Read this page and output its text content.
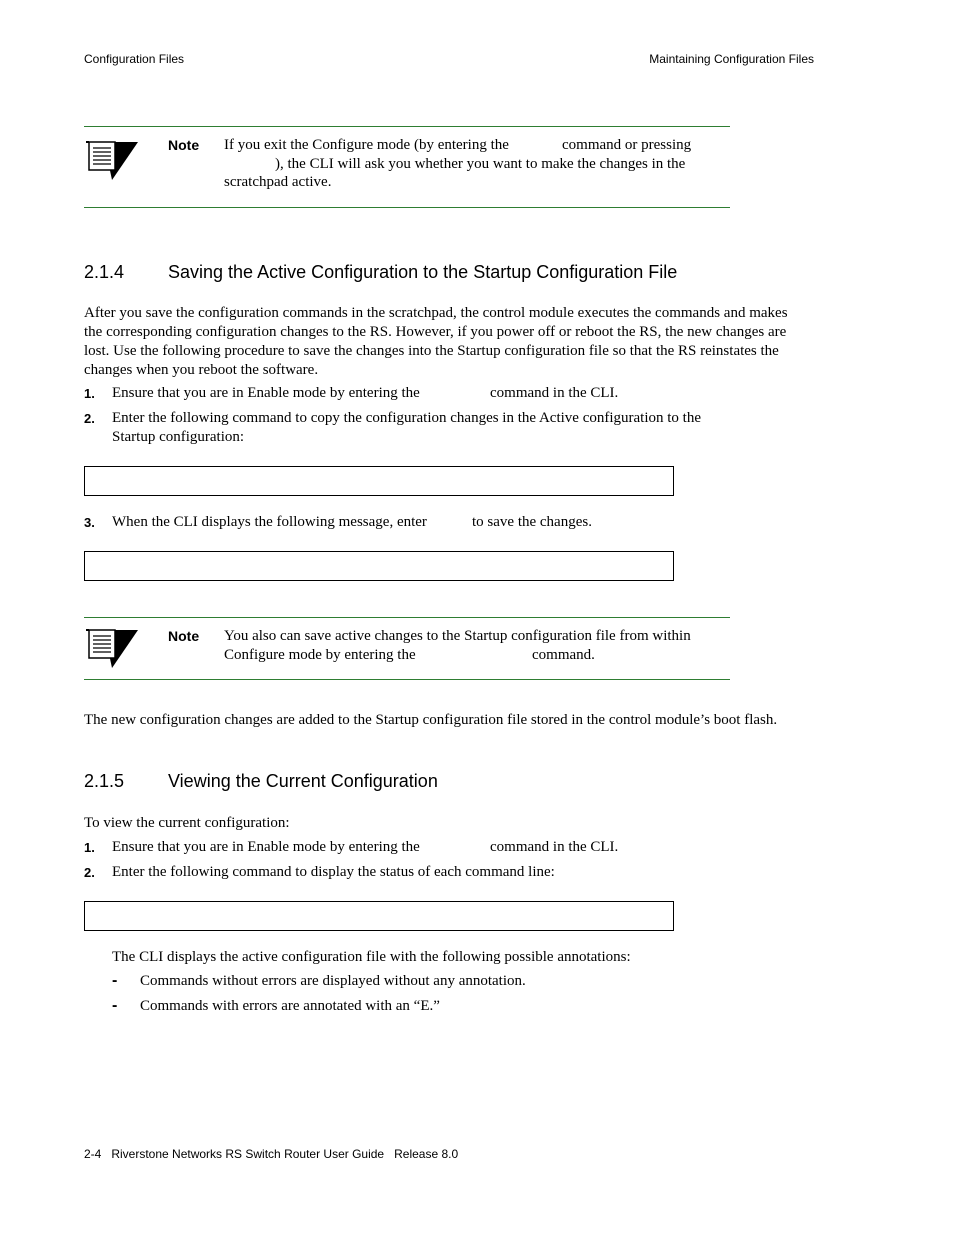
Configuration Files	Maintaining Configuration Files
Note If you exit the Configure mode (by entering the	command or pressing
), the CLI will ask you whether you want to make the changes in the
scratchpad active.
2.1.4 Saving the Active Configuration to the Startup Configuration File
After you save the configuration commands in the scratchpad, the control module executes the commands and makes
the corresponding configuration changes to the RS. However, if you power off or reboot the RS, the new changes are
lost. Use the following procedure to save the changes into the Startup configuration file so that the RS reinstates the
changes when you reboot the software.
1. Ensure that you are in Enable mode by entering the	command in the CLI.
2. Enter the following command to copy the configuration changes in the Active configuration to the
Startup configuration:
3. When the CLI displays the following message, enter	to save the changes.
Note You also can save active changes to the Startup configuration file from within
Configure mode by entering the	command.
The new configuration changes are added to the Startup configuration file stored in the control module’s boot flash.
2.1.5 Viewing the Current Configuration
To view the current configuration:
1. Ensure that you are in Enable mode by entering the	command in the CLI.
2. Enter the following command to display the status of each command line:
The CLI displays the active configuration file with the following possible annotations:
- Commands without errors are displayed without any annotation.
- Commands with errors are annotated with an “E.”
2-4   Riverstone Networks RS Switch Router User Guide   Release 8.0
